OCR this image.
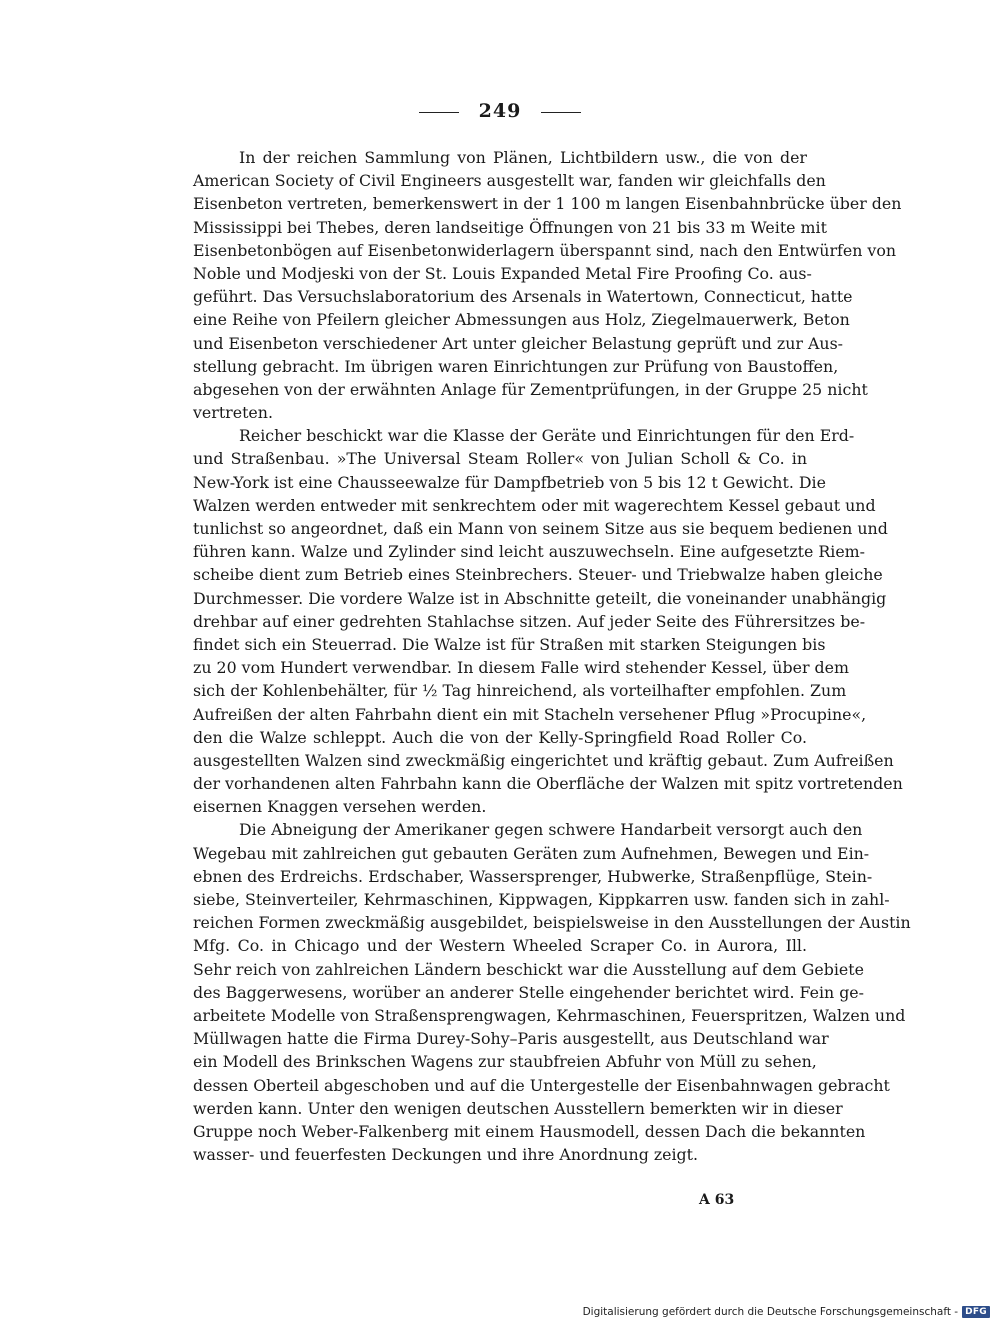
249
In der reichen Sammlung von Plänen, Lichtbildern usw., die von der
American Society of Civil Engineers ausgestellt war, fanden wir gleichfalls den
Eisenbeton vertreten, bemerkenswert in der 1 100 m langen Eisenbahnbrücke über den
Mississippi bei Thebes, deren landseitige Öffnungen von 21 bis 33 m Weite mit
Eisenbetonbögen auf Eisenbetonwiderlagern überspannt sind, nach den Entwürfen von
Noble und Modjeski von der St. Louis Expanded Metal Fire Proofing Co. aus-
geführt. Das Versuchslaboratorium des Arsenals in Watertown, Connecticut, hatte
eine Reihe von Pfeilern gleicher Abmessungen aus Holz, Ziegelmauerwerk, Beton
und Eisenbeton verschiedener Art unter gleicher Belastung geprüft und zur Aus-
stellung gebracht. Im übrigen waren Einrichtungen zur Prüfung von Baustoffen,
abgesehen von der erwähnten Anlage für Zementprüfungen, in der Gruppe 25 nicht
vertreten.
Reicher beschickt war die Klasse der Geräte und Einrichtungen für den Erd-
und Straßenbau. »The Universal Steam Roller« von Julian Scholl & Co. in
New-York ist eine Chausseewalze für Dampfbetrieb von 5 bis 12 t Gewicht. Die
Walzen werden entweder mit senkrechtem oder mit wagerechtem Kessel gebaut und
tunlichst so angeordnet, daß ein Mann von seinem Sitze aus sie bequem bedienen und
führen kann. Walze und Zylinder sind leicht auszuwechseln. Eine aufgesetzte Riem-
scheibe dient zum Betrieb eines Steinbrechers. Steuer- und Triebwalze haben gleiche
Durchmesser. Die vordere Walze ist in Abschnitte geteilt, die voneinander unabhängig
drehbar auf einer gedrehten Stahlachse sitzen. Auf jeder Seite des Führersitzes be-
findet sich ein Steuerrad. Die Walze ist für Straßen mit starken Steigungen bis
zu 20 vom Hundert verwendbar. In diesem Falle wird stehender Kessel, über dem
sich der Kohlenbehälter, für ½ Tag hinreichend, als vorteilhafter empfohlen. Zum
Aufreißen der alten Fahrbahn dient ein mit Stacheln versehener Pflug »Procupine«,
den die Walze schleppt. Auch die von der Kelly-Springfield Road Roller Co.
ausgestellten Walzen sind zweckmäßig eingerichtet und kräftig gebaut. Zum Aufreißen
der vorhandenen alten Fahrbahn kann die Oberfläche der Walzen mit spitz vortretenden
eisernen Knaggen versehen werden.
Die Abneigung der Amerikaner gegen schwere Handarbeit versorgt auch den
Wegebau mit zahlreichen gut gebauten Geräten zum Aufnehmen, Bewegen und Ein-
ebnen des Erdreichs. Erdschaber, Wassersprenger, Hubwerke, Straßenpflüge, Stein-
siebe, Steinverteiler, Kehrmaschinen, Kippwagen, Kippkarren usw. fanden sich in zahl-
reichen Formen zweckmäßig ausgebildet, beispielsweise in den Ausstellungen der Austin
Mfg. Co. in Chicago und der Western Wheeled Scraper Co. in Aurora, Ill.
Sehr reich von zahlreichen Ländern beschickt war die Ausstellung auf dem Gebiete
des Baggerwesens, worüber an anderer Stelle eingehender berichtet wird. Fein ge-
arbeitete Modelle von Straßensprengwagen, Kehrmaschinen, Feuerspritzen, Walzen und
Müllwagen hatte die Firma Durey-Sohy–Paris ausgestellt, aus Deutschland war
ein Modell des Brinkschen Wagens zur staubfreien Abfuhr von Müll zu sehen,
dessen Oberteil abgeschoben und auf die Untergestelle der Eisenbahnwagen gebracht
werden kann. Unter den wenigen deutschen Ausstellern bemerkten wir in dieser
Gruppe noch Weber-Falkenberg mit einem Hausmodell, dessen Dach die bekannten
wasser- und feuerfesten Deckungen und ihre Anordnung zeigt.
A 63
Digitalisierung gefördert durch die Deutsche Forschungsgemeinschaft - DFG
